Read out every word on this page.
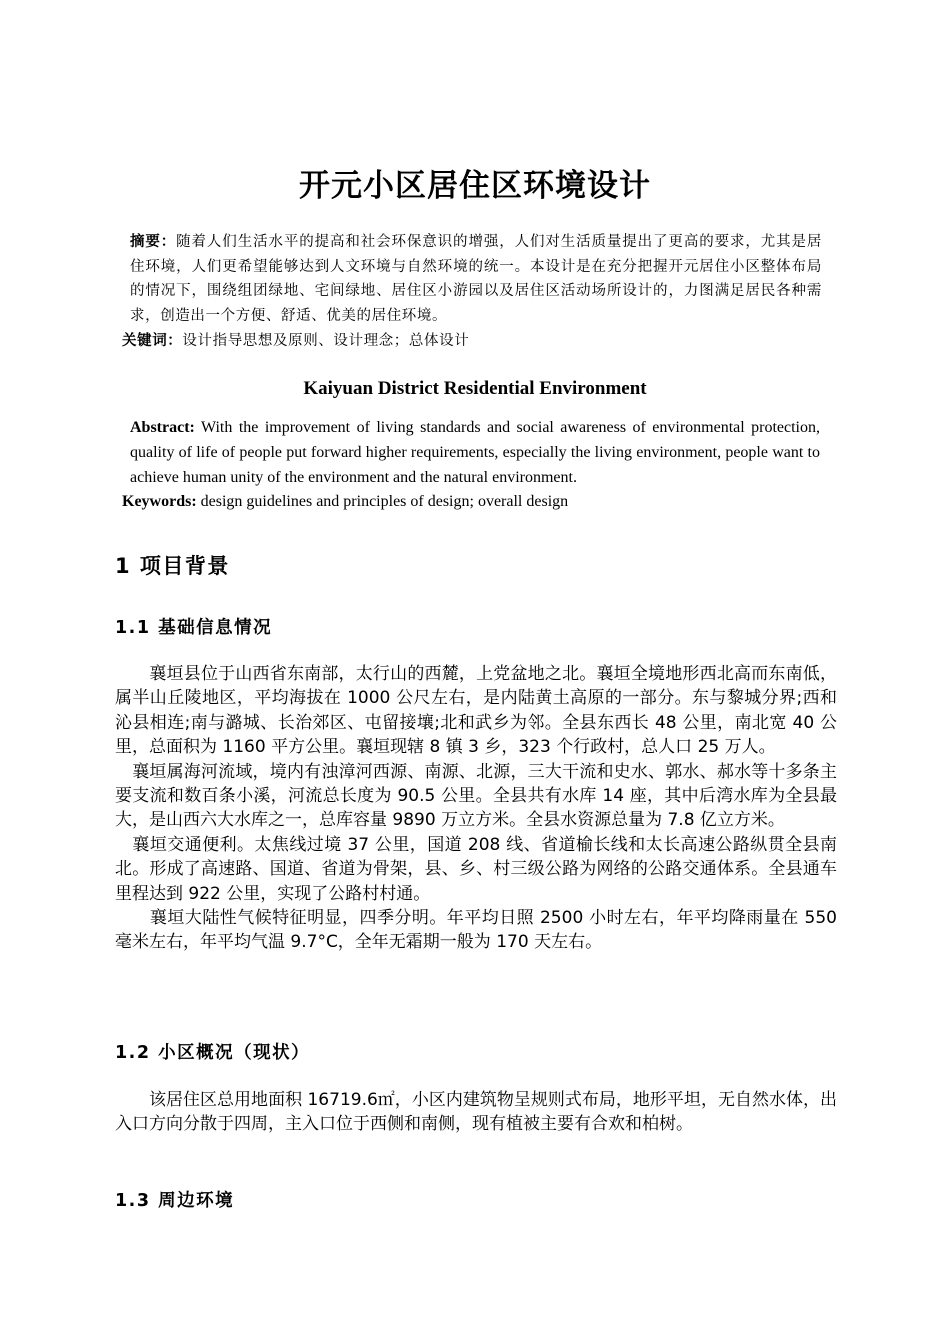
开元小区居住区环境设计
摘要：随着人们生活水平的提高和社会环保意识的增强，人们对生活质量提出了更高的要求，尤其是居住环境，人们更希望能够达到人文环境与自然环境的统一。本设计是在充分把握开元居住小区整体布局的情况下，围绕组团绿地、宅间绿地、居住区小游园以及居住区活动场所设计的，力图满足居民各种需求，创造出一个方便、舒适、优美的居住环境。
关键词：设计指导思想及原则、设计理念；总体设计
Kaiyuan District Residential Environment
Abstract: With the improvement of living standards and social awareness of environmental protection, quality of life of people put forward higher requirements, especially the living environment, people want to achieve human unity of the environment and the natural environment.
Keywords: design guidelines and principles of design; overall design
1 项目背景
1.1 基础信息情况

　　襄垣县位于山西省东南部，太行山的西麓，上党盆地之北。襄垣全境地形西北高而东南低，属半山丘陵地区，平均海拔在 1000 公尺左右，是内陆黄土高原的一部分。东与黎城分界;西和沁县相连;南与潞城、长治郊区、屯留接壤;北和武乡为邻。全县东西长 48 公里，南北宽 40 公里，总面积为 1160 平方公里。襄垣现辖 8 镇 3 乡，323 个行政村，总人口 25 万人。

　襄垣属海河流域，境内有浊漳河西源、南源、北源，三大干流和史水、郭水、郝水等十多条主要支流和数百条小溪，河流总长度为 90.5 公里。全县共有水库 14 座，其中后湾水库为全县最大，是山西六大水库之一，总库容量 9890 万立方米。全县水资源总量为 7.8 亿立方米。

　襄垣交通便利。太焦线过境 37 公里，国道 208 线、省道榆长线和太长高速公路纵贯全县南北。形成了高速路、国道、省道为骨架，县、乡、村三级公路为网络的公路交通体系。全县通车里程达到 922 公里，实现了公路村村通。

　　襄垣大陆性气候特征明显，四季分明。年平均日照 2500 小时左右，年平均降雨量在 550 毫米左右，年平均气温 9.7°C，全年无霜期一般为 170 天左右。

1.2 小区概况（现状）

　　该居住区总用地面积 16719.6㎡，小区内建筑物呈规则式布局，地形平坦，无自然水体，出入口方向分散于四周，主入口位于西侧和南侧，现有植被主要有合欢和柏树。

1.3 周边环境
